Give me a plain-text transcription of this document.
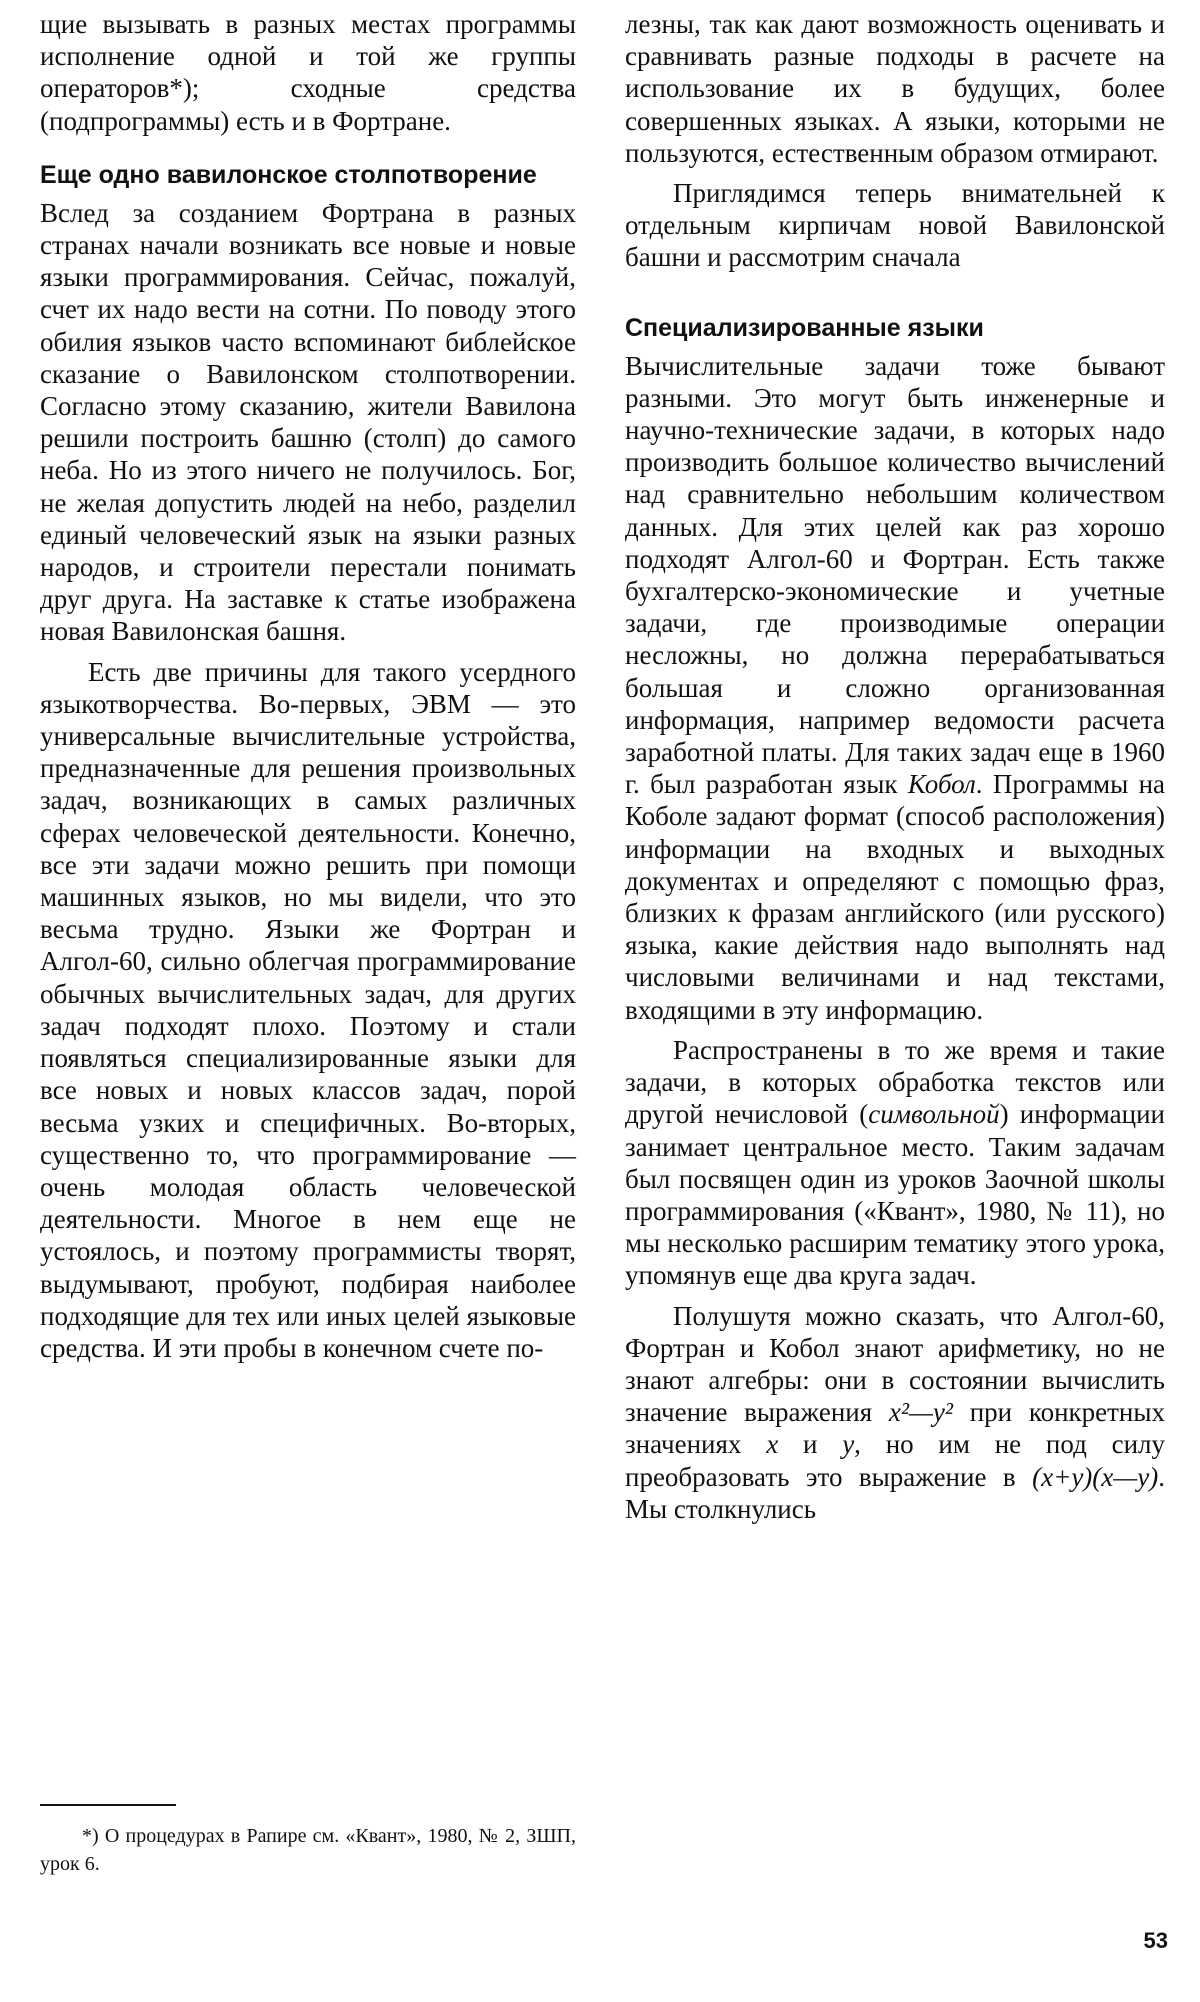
щие вызывать в разных местах программы исполнение одной и той же группы операторов*); сходные средства (подпрограммы) есть и в Фортране.

Еще одно вавилонское столпотворение

Вслед за созданием Фортрана в разных странах начали возникать все новые и новые языки программирования. Сейчас, пожалуй, счет их надо вести на сотни. По поводу этого обилия языков часто вспоминают библейское сказание о Вавилонском столпотворении. Согласно этому сказанию, жители Вавилона решили построить башню (столп) до самого неба. Но из этого ничего не получилось. Бог, не желая допустить людей на небо, разделил единый человеческий язык на языки разных народов, и строители перестали понимать друг друга. На заставке к статье изображена новая Вавилонская башня.

Есть две причины для такого усердного языкотворчества. Во-первых, ЭВМ — это универсальные вычислительные устройства, предназначенные для решения произвольных задач, возникающих в самых различных сферах человеческой деятельности. Конечно, все эти задачи можно решить при помощи машинных языков, но мы видели, что это весьма трудно. Языки же Фортран и Алгол-60, сильно облегчая программирование обычных вычислительных задач, для других задач подходят плохо. Поэтому и стали появляться специализированные языки для все новых и новых классов задач, порой весьма узких и специфичных. Во-вторых, существенно то, что программирование — очень молодая область человеческой деятельности. Многое в нем еще не устоялось, и поэтому программисты творят, выдумывают, пробуют, подбирая наиболее подходящие для тех или иных целей языковые средства. И эти пробы в конечном счете по-

*) О процедурах в Рапире см. «Квант», 1980, № 2, ЗШП, урок 6.

лезны, так как дают возможность оценивать и сравнивать разные подходы в расчете на использование их в будущих, более совершенных языках. А языки, которыми не пользуются, естественным образом отмирают.

Приглядимся теперь внимательней к отдельным кирпичам новой Вавилонской башни и рассмотрим сначала

Специализированные языки

Вычислительные задачи тоже бывают разными. Это могут быть инженерные и научно-технические задачи, в которых надо производить большое количество вычислений над сравнительно небольшим количеством данных. Для этих целей как раз хорошо подходят Алгол-60 и Фортран. Есть также бухгалтерско-экономические и учетные задачи, где производимые операции несложны, но должна перерабатываться большая и сложно организованная информация, например ведомости расчета заработной платы. Для таких задач еще в 1960 г. был разработан язык Кобол. Программы на Коболе задают формат (способ расположения) информации на входных и выходных документах и определяют с помощью фраз, близких к фразам английского (или русского) языка, какие действия надо выполнять над числовыми величинами и над текстами, входящими в эту информацию.

Распространены в то же время и такие задачи, в которых обработка текстов или другой нечисловой (символьной) информации занимает центральное место. Таким задачам был посвящен один из уроков Заочной школы программирования («Квант», 1980, № 11), но мы несколько расширим тематику этого урока, упомянув еще два круга задач.

Полушутя можно сказать, что Алгол-60, Фортран и Кобол знают арифметику, но не знают алгебры: они в состоянии вычислить значение выражения x²—y² при конкретных значениях x и y, но им не под силу преобразовать это выражение в (x+y)(x—y). Мы столкнулись

53
